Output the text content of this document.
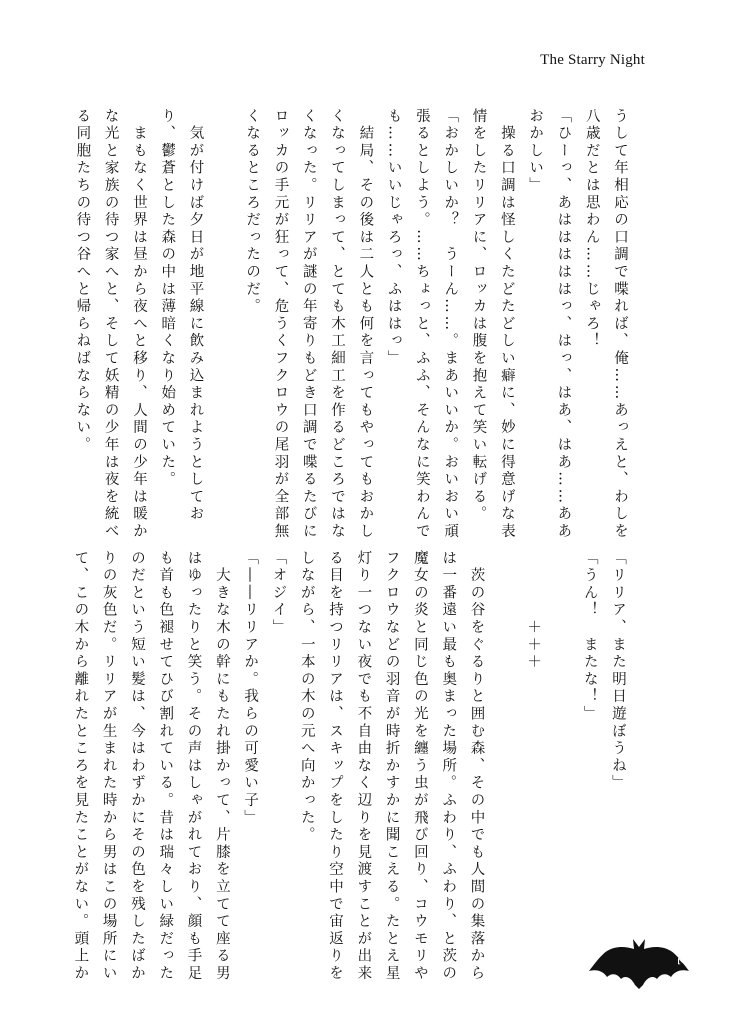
The Starry Night
うして年相応の口調で喋れば、俺……あっえと、わしを
八歳だとは思わん……じゃろ！
「ひーっ、あはははははっ、はっ、はあ、はあ……ああ
おかしい」
　操る口調は怪しくたどたどしい癖に、妙に得意げな表
情をしたリリアに、ロッカは腹を抱えて笑い転げる。
「おかしいか？　うーん……。まあいいか。おいおい頑
張るとしよう。……ちょっと、ふふ、そんなに笑わんで
も……いいじゃろっ、ふははっ」
　結局、その後は二人とも何を言ってもやってもおかし
くなってしまって、とても木工細工を作るどころではな
くなった。リリアが謎の年寄りもどき口調で喋るたびに
ロッカの手元が狂って、危うくフクロウの尾羽が全部無
くなるところだったのだ。

　気が付けば夕日が地平線に飲み込まれようとしてお
り、鬱蒼とした森の中は薄暗くなり始めていた。
　まもなく世界は昼から夜へと移り、人間の少年は暖か
な光と家族の待つ家へと、そして妖精の少年は夜を統べ
る同胞たちの待つ谷へと帰らねばならない。
「リリア、また明日遊ぼうね」
「うん！　またな！」

　　　　＋＋＋

　茨の谷をぐるりと囲む森、その中でも人間の集落から
は一番遠い最も奥まった場所。ふわり、ふわり、と茨の
魔女の炎と同じ色の光を纏う虫が飛び回り、コウモリや
フクロウなどの羽音が時折かすかに聞こえる。たとえ星
灯り一つない夜でも不自由なく辺りを見渡すことが出来
る目を持つリリアは、スキップをしたり空中で宙返りを
しながら、一本の木の元へ向かった。
「オジイ」
「――リリアか。我らの可愛い子」
　大きな木の幹にもたれ掛かって、片膝を立てて座る男
はゆったりと笑う。その声はしゃがれており、顔も手足
も首も色褪せてひび割れている。昔は瑞々しい緑だった
のだという短い髪は、今はわずかにその色を残したばか
りの灰色だ。リリアが生まれた時から男はこの場所にい
て、この木から離れたところを見たことがない。頭上か	12
